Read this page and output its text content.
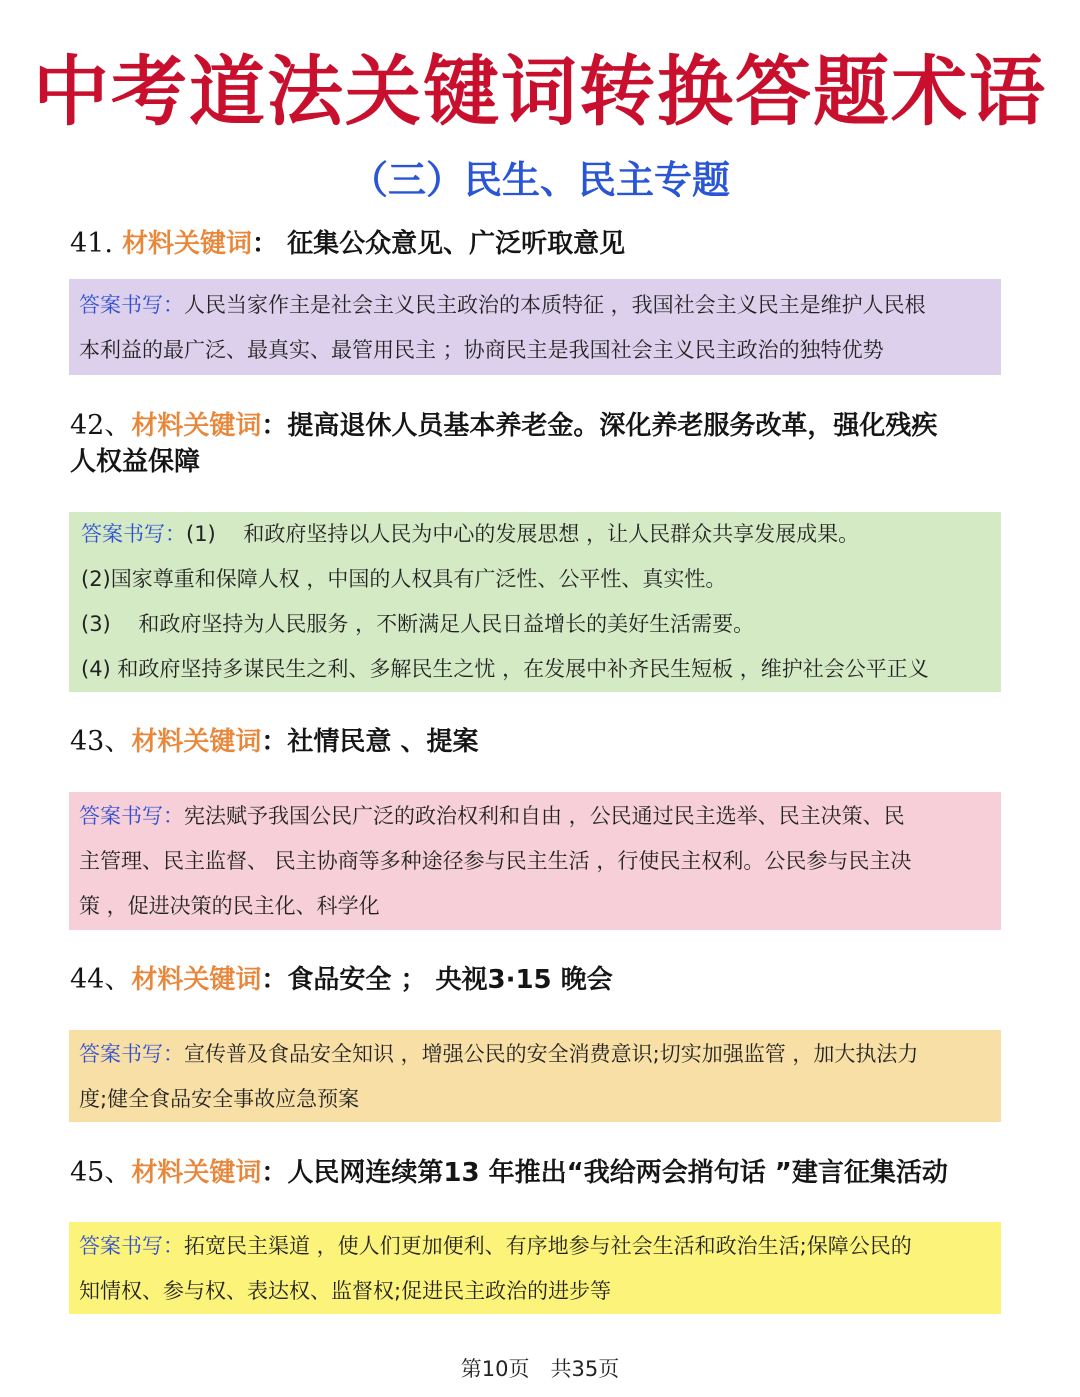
中考道法关键词转换答题术语
（三）民生、民主专题
41. 材料关键词： 征集公众意见、广泛听取意见
答案书写：人民当家作主是社会主义民主政治的本质特征 ，我国社会主义民主是维护人民根
本利益的最广泛、最真实、最管用民主 ；协商民主是我国社会主义民主政治的独特优势
42、材料关键词：提高退休人员基本养老金。深化养老服务改革，强化残疾
人权益保障
答案书写：(1)　 和政府坚持以人民为中心的发展思想 ，让人民群众共享发展成果。
(2)国家尊重和保障人权 ，中国的人权具有广泛性、公平性、真实性。
(3)　 和政府坚持为人民服务 ，不断满足人民日益增长的美好生活需要。
(4) 和政府坚持多谋民生之利、多解民生之忧 ，在发展中补齐民生短板 ，维护社会公平正义
43、材料关键词：社情民意 、提案
答案书写：宪法赋予我国公民广泛的政治权利和自由 ，公民通过民主选举、民主决策、民
主管理、民主监督、 民主协商等多种途径参与民主生活 ，行使民主权利。公民参与民主决
策 ，促进决策的民主化、科学化
44、材料关键词：食品安全 ； 央视3·15 晚会
答案书写：宣传普及食品安全知识 ，增强公民的安全消费意识;切实加强监管 ，加大执法力
度;健全食品安全事故应急预案
45、材料关键词：人民网连续第13 年推出“我给两会捎句话 ”建言征集活动
答案书写：拓宽民主渠道 ，使人们更加便利、有序地参与社会生活和政治生活;保障公民的
知情权、参与权、表达权、监督权;促进民主政治的进步等
第10页　共35页
